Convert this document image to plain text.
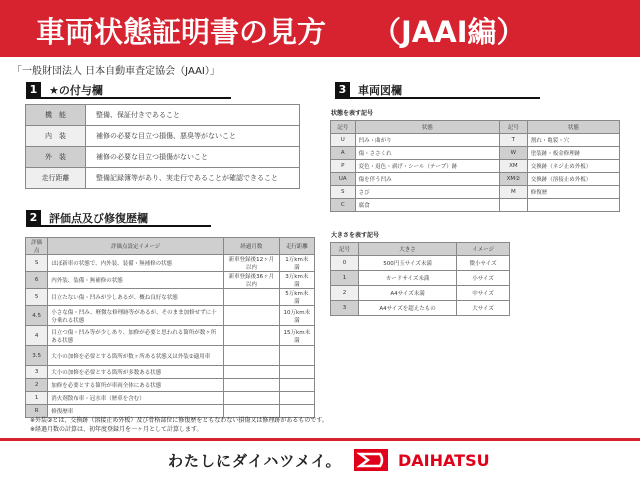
車両状態証明書の見方 （JAAI編）
「一般財団法人 日本自動車査定協会（JAAI）」
1	★の付与欄
機　能	整備、保証付きであること
内　装	補修の必要な目立つ損傷、悪臭等がないこと
外　装	補修の必要な目立つ損傷がないこと
走行距離	整備記録簿等があり、実走行であることが確認できること
2	評価点及び修復歴欄
評価点	評価点設定イメージ	経過月数	走行距離
S	ほぼ新車の状態で、内外装、装備・無補修の状態	新車登録後12ヶ月以内	1万km未満
6	内外装、装備・無補修の状態	新車登録後36ヶ月以内	3万km未満
5	目立たない傷・凹みが少しあるが、概ね良好な状態		5万km未満
4.5	小さな傷・凹み、軽微な修理跡等があるが、そのまま加修せずに十分乗れる状態		10万km未満
4	目立つ傷・凹み等が少しあり、加修が必要と思われる箇所が数ヶ所ある状態		15万km未満
3.5	大小の加修を必要とする箇所が数ヶ所ある状態又は外装②適用車		
3	大小の加修を必要とする箇所が多数ある状態		
2	加修を必要とする箇所が車両全体にある状態		
1	消火剤散布車・冠水車（歴車を含む）		
R	修復歴車		
3	車両図欄
状態を表す記号
記号	状態	記号	状態
U	凹み・曲がり	T	割れ・亀裂・穴
A	傷・ささくれ	W	塗装跡・板金修理跡
P	変色・退色・剥げ・シール（テープ）跡	XM	交換跡（ネジ止め外板）
UA	傷を伴う凹み	XM②	交換跡（溶接止め外板）
S	さび	M	修復歴
C	腐食		
大きさを表す記号
記号	大きさ	イメージ
0	500円玉サイズ未満	微小サイズ
1	カードサイズ未満	小サイズ
2	A4サイズ未満	中サイズ
3	A4サイズを超えたもの	大サイズ
※外装②とは、交換跡（溶接止め外板）及び骨格部位に修復歴をともなわない損傷又は修理跡があるものです。
※経過月数の計算は、初年度登録月を一ヶ月として計算します。
わたしにダイハツメイ。	DAIHATSU
